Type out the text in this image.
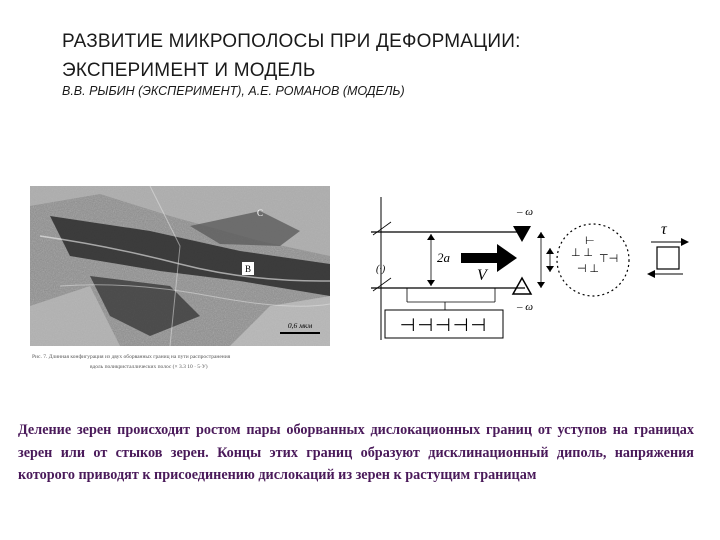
РАЗВИТИЕ МИКРОПОЛОСЫ ПРИ ДЕФОРМАЦИИ:
ЭКСПЕРИМЕНТ И МОДЕЛЬ
В.В. РЫБИН (ЭКСПЕРИМЕНТ), А.Е. РОМАНОВ (МОДЕЛЬ)
В
С
0,6 мкм
Рис. 7. Длинная конфигурация из двух оборванных границ на пути распространения
вдоль поликристаллических полос (× 3.3 10 · 5·У)
2a
(·)	V
– ω
– ω
⊥ ⊥
⊢
⊣ ⊥
⊤⊣
τ
⊣⊣⊣⊣⊣
Деление зерен происходит ростом пары оборванных дислокационных границ от уступов на границах зерен или от стыков зерен. Концы этих границ образуют дисклинационный диполь, напряжения которого приводят к присоединению дислокаций из зерен к растущим границам
